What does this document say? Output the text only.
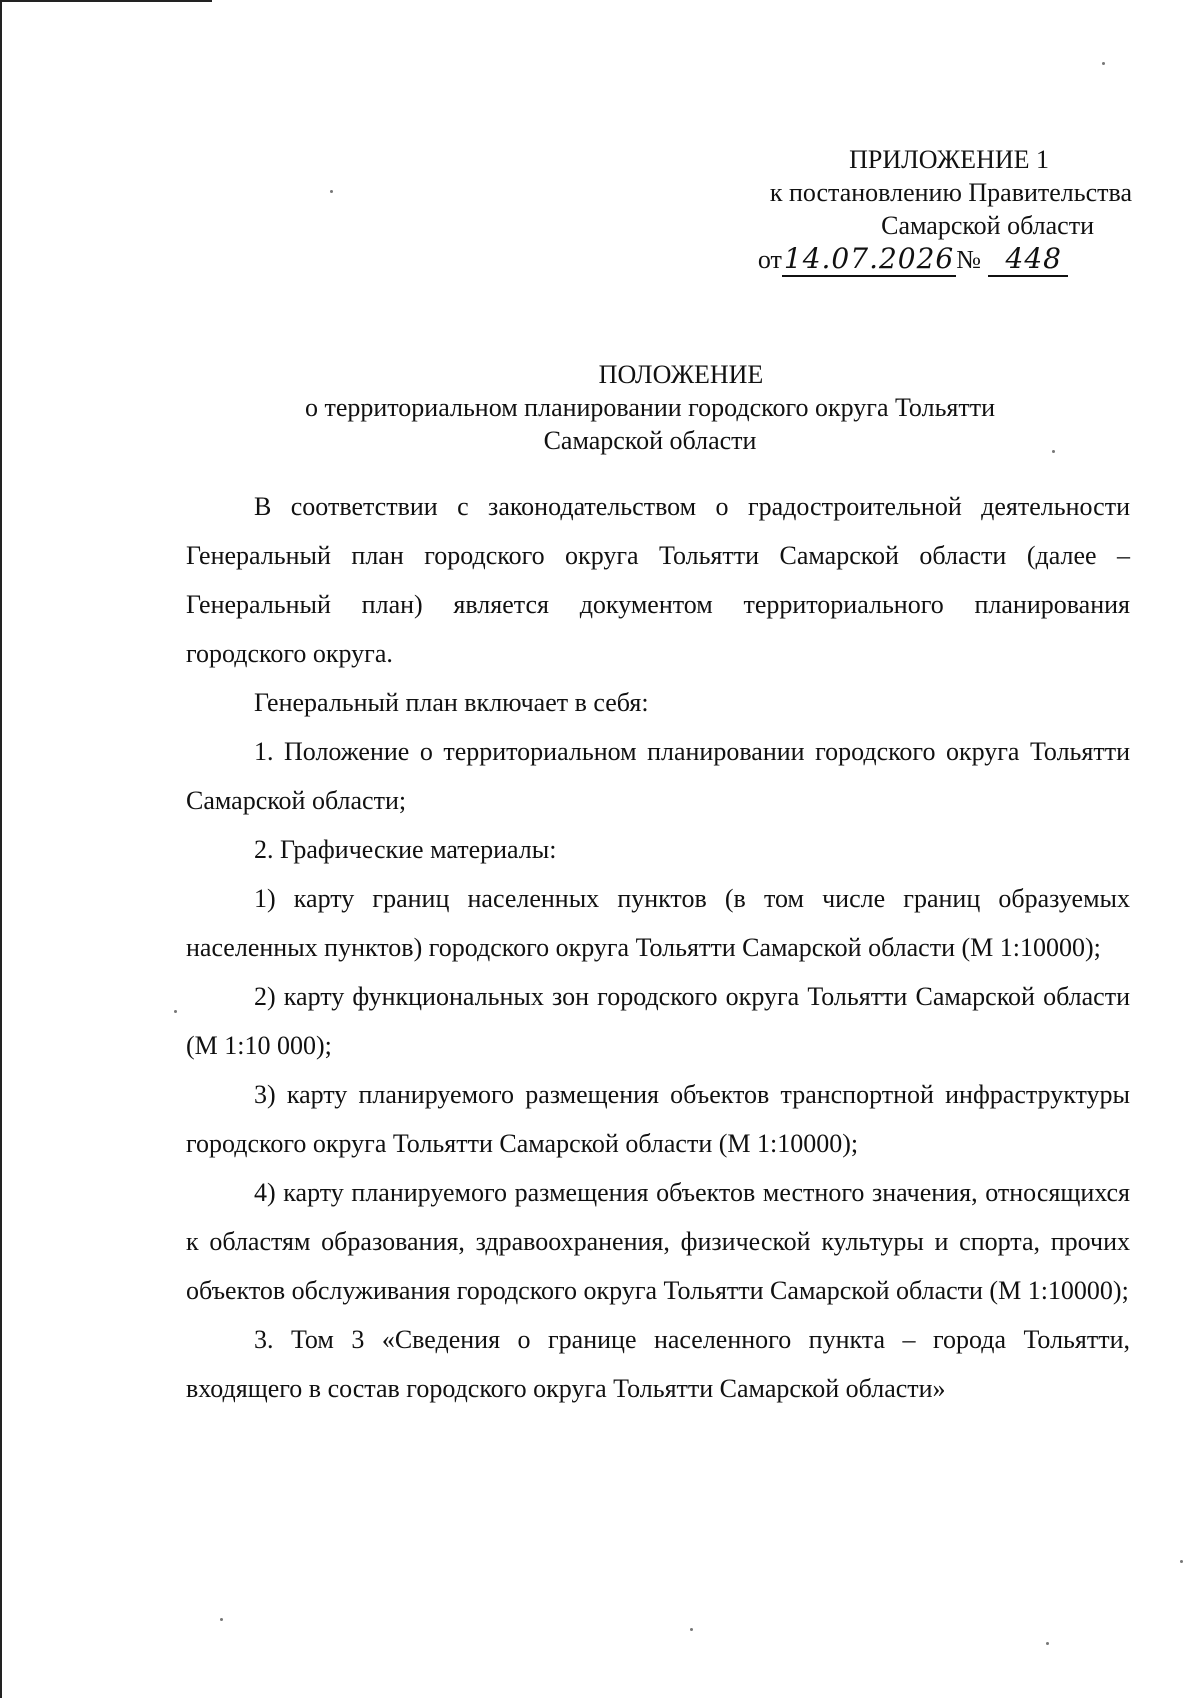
ПРИЛОЖЕНИЕ 1
к постановлению Правительства
Самарской области
от14.07.2026№ 448
ПОЛОЖЕНИЕ
о территориальном планировании городского округа Тольятти
Самарской области

В соответствии с законодательством о градостроительной деятельности Генеральный план городского округа Тольятти Самарской области (далее – Генеральный план) является документом территориального планирования городского округа.

Генеральный план включает в себя:

1. Положение о территориальном планировании городского округа Тольятти Самарской области;

2. Графические материалы:

1) карту границ населенных пунктов (в том числе границ образуемых населенных пунктов) городского округа Тольятти Самарской области (М 1:10000);

2) карту функциональных зон городского округа Тольятти Самарской области (М 1:10 000);

3) карту планируемого размещения объектов транспортной инфраструктуры городского округа Тольятти Самарской области (М 1:10000);

4) карту планируемого размещения объектов местного значения, относящихся к областям образования, здравоохранения, физической культуры и спорта, прочих объектов обслуживания городского округа Тольятти Самарской области (М 1:10000);

3. Том 3 «Сведения о границе населенного пункта – города Тольятти, входящего в состав городского округа Тольятти Самарской области»
